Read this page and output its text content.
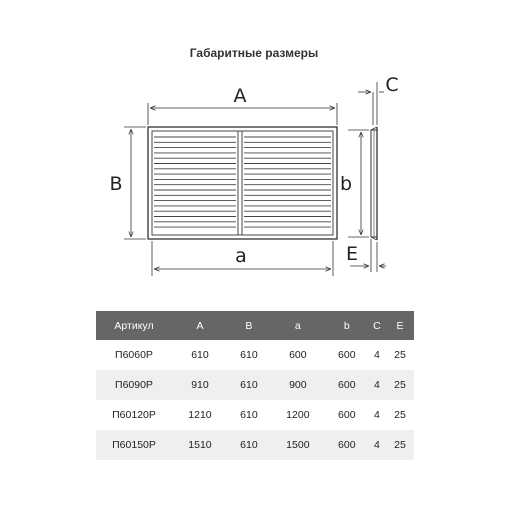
Габаритные размеры
A
B
a
b
C
E
Артикул	A	B	a	b	C	E
П6060Р	610	610	600	600	4	25
П6090Р	910	610	900	600	4	25
П60120Р	1210	610	1200	600	4	25
П60150Р	1510	610	1500	600	4	25
